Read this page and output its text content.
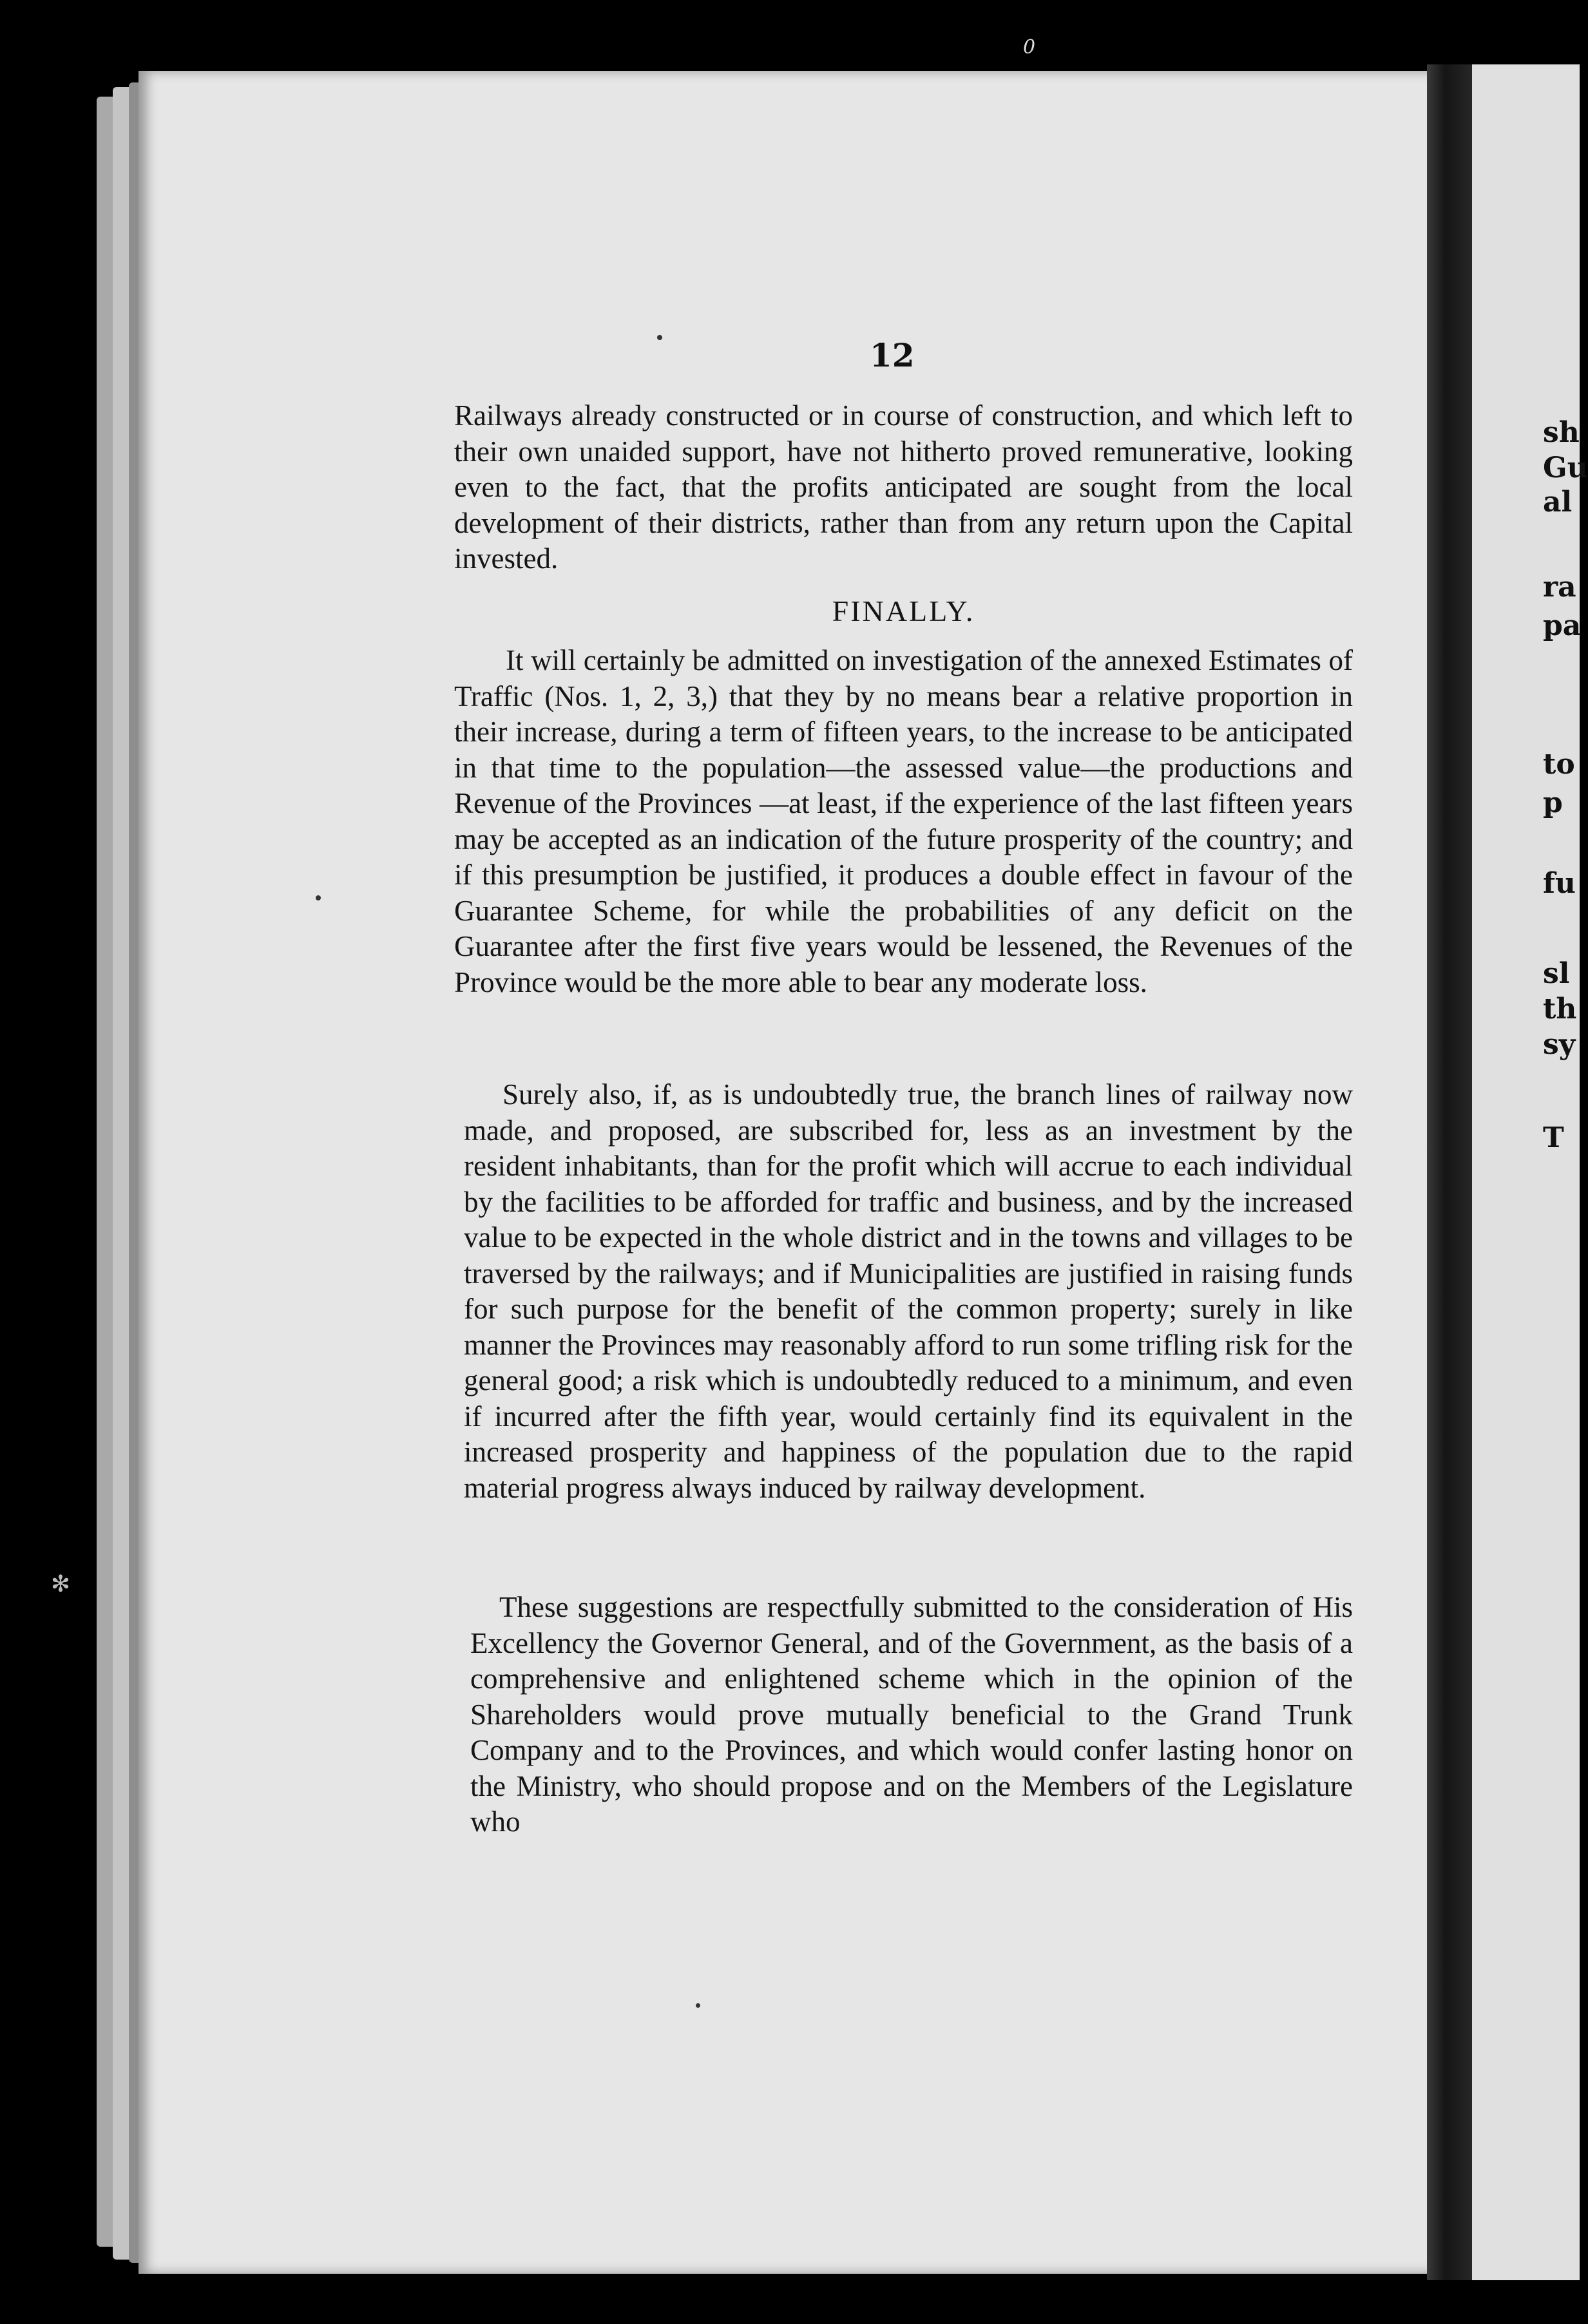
0
12

Railways already constructed or in course of construction, and which left to their own unaided support, have not hitherto proved remunerative, looking even to the fact, that the profits anticipated are sought from the local development of their districts, rather than from any return upon the Capital invested.

FINALLY.

It will certainly be admitted on investigation of the annexed Estimates of Traffic (Nos. 1, 2, 3,) that they by no means bear a relative proportion in their increase, during a term of fifteen years, to the increase to be anticipated in that time to the population—the assessed value—the productions and Revenue of the Provinces —at least, if the experience of the last fifteen years may be accepted as an indication of the future prosperity of the country; and if this presumption be justified, it produces a double effect in favour of the Guarantee Scheme, for while the probabilities of any deficit on the Guarantee after the first five years would be lessened, the Revenues of the Province would be the more able to bear any moderate loss.

Surely also, if, as is undoubtedly true, the branch lines of railway now made, and proposed, are subscribed for, less as an investment by the resident inhabitants, than for the profit which will accrue to each individual by the facilities to be afforded for traffic and business, and by the increased value to be expected in the whole district and in the towns and villages to be traversed by the railways; and if Municipalities are justified in raising funds for such purpose for the benefit of the common property; surely in like manner the Provinces may reasonably afford to run some trifling risk for the general good; a risk which is undoubtedly reduced to a minimum, and even if incurred after the fifth year, would certainly find its equivalent in the increased prosperity and happiness of the population due to the rapid material progress always induced by railway development.

These suggestions are respectfully submitted to the consideration of His Excellency the Governor General, and of the Government, as the basis of a comprehensive and enlightened scheme which in the opinion of the Shareholders would prove mutually beneficial to the Grand Trunk Company and to the Provinces, and which would confer lasting honor on the Ministry, who should propose and on the Members of the Legislature who

sh
Gu
al
ra
pa
to
p
fu
sl
th
sy
T
✻
